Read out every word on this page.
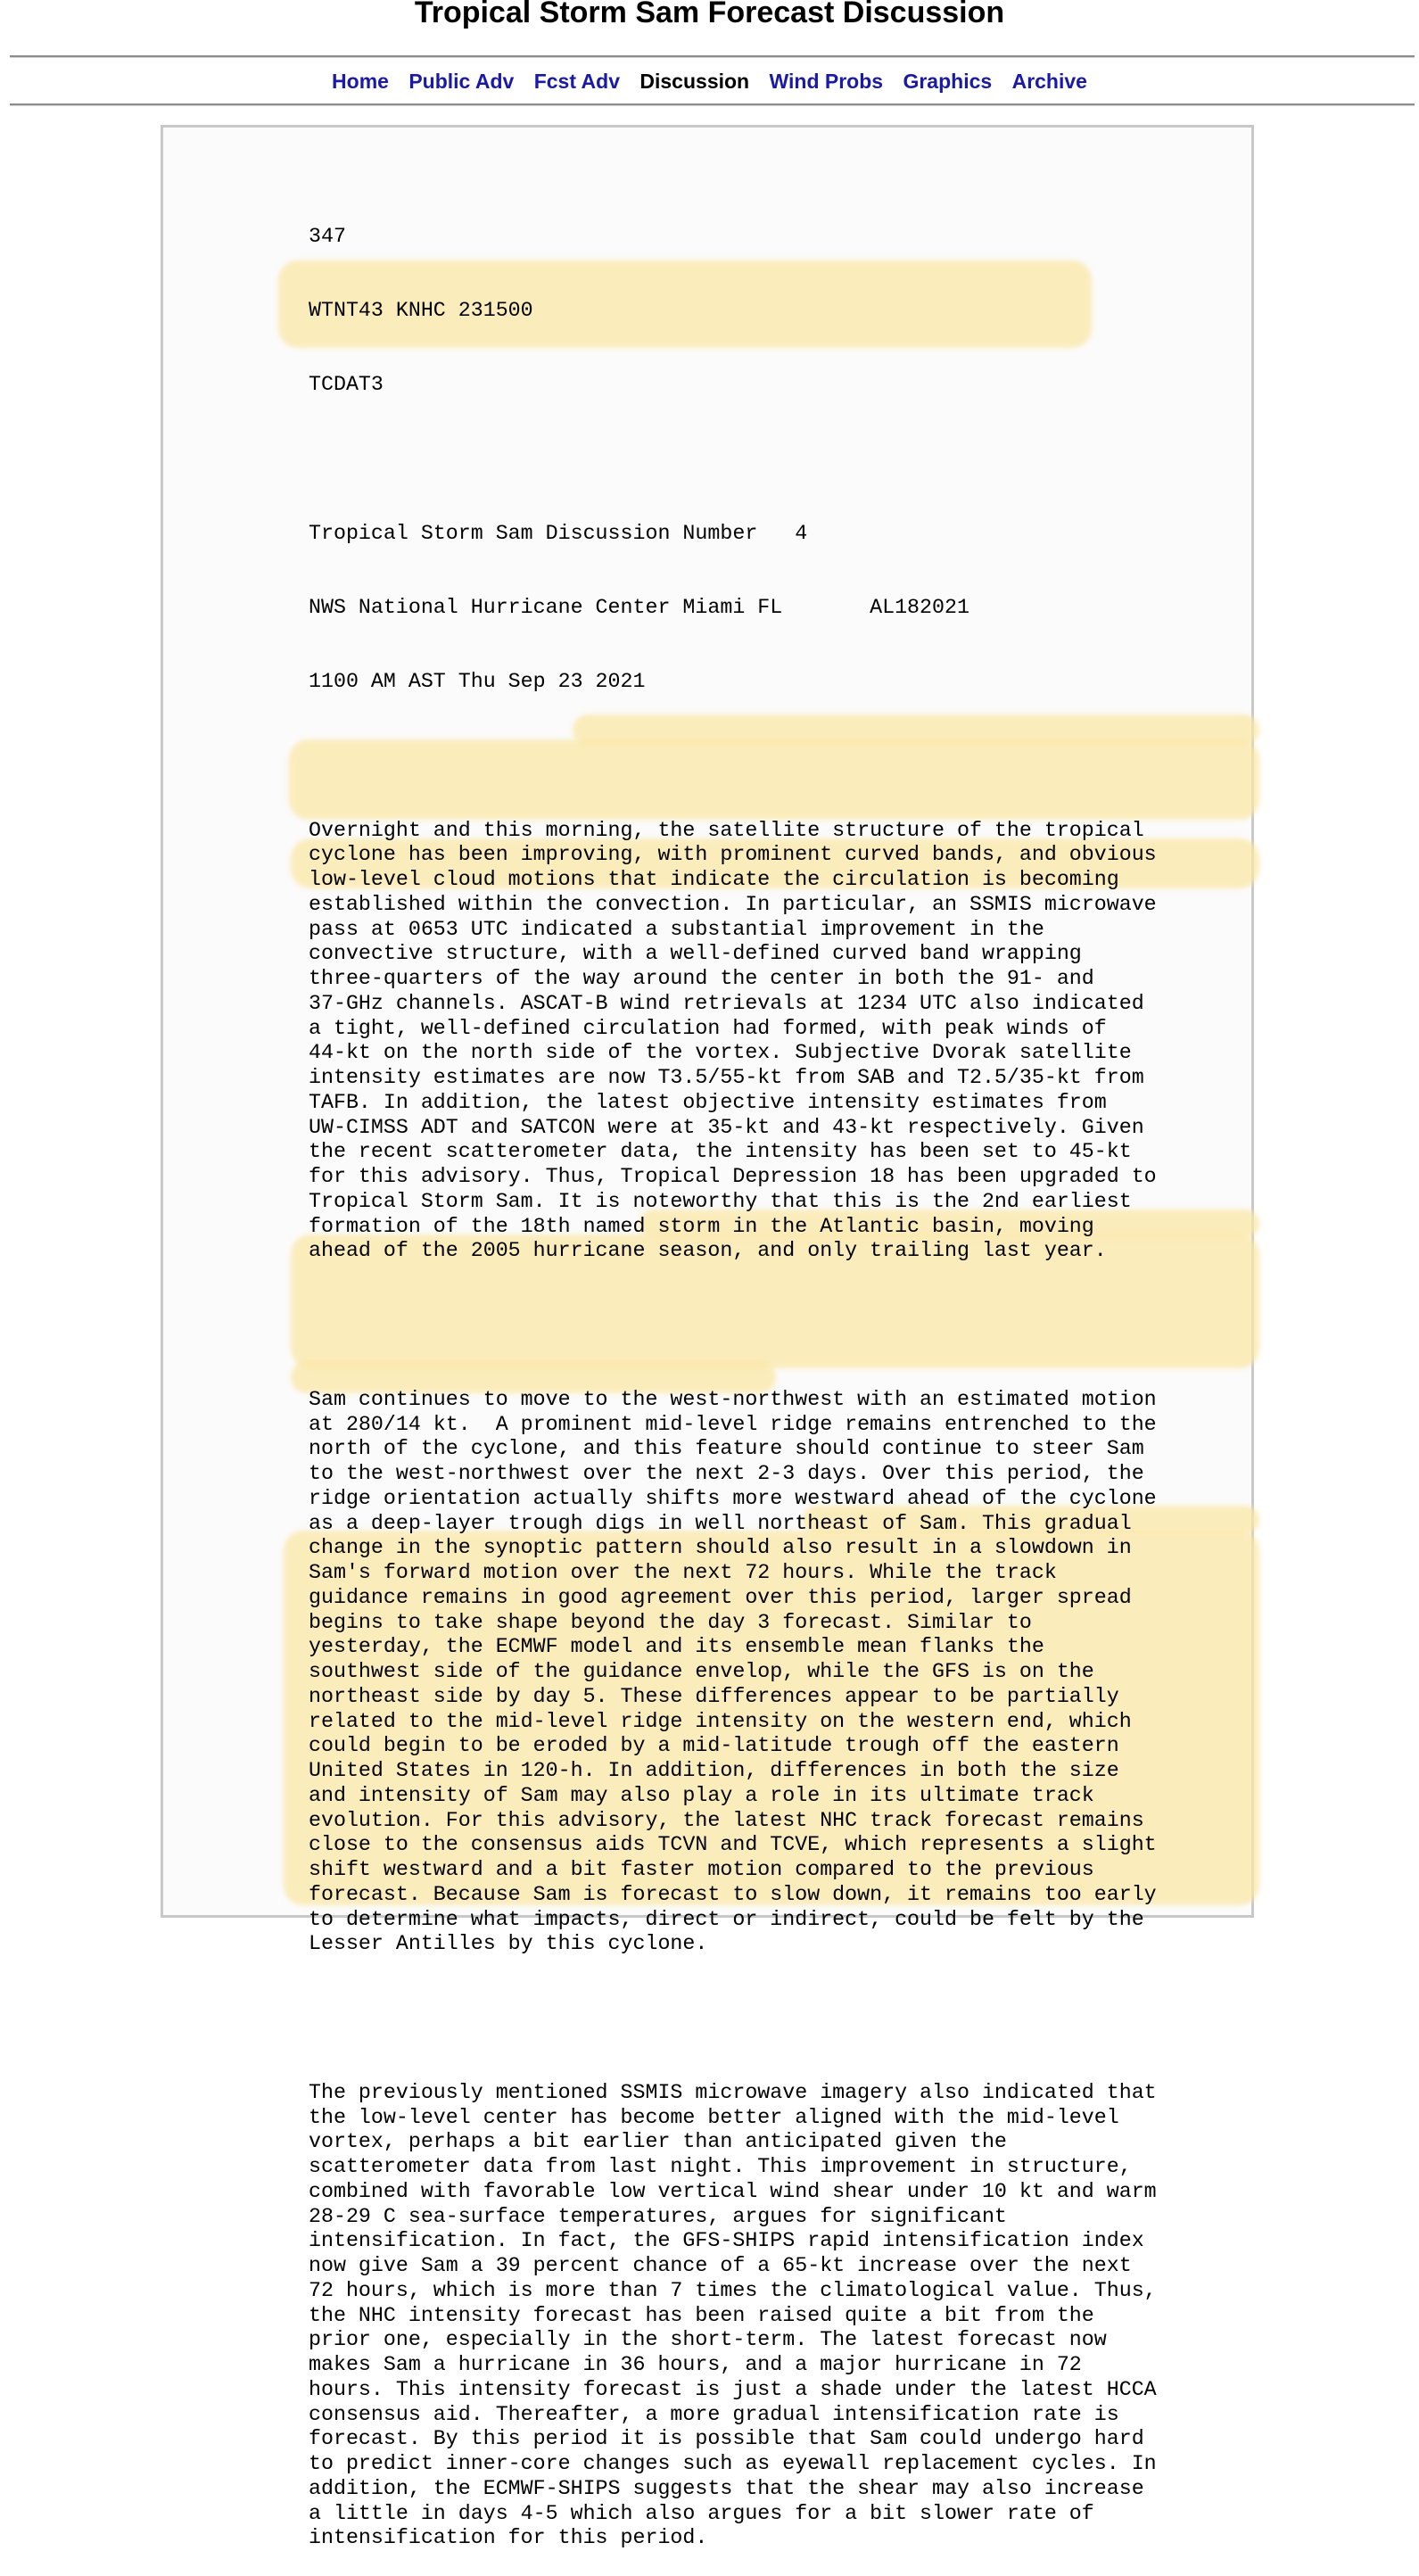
Tropical Storm Sam Forecast Discussion
Home Public Adv Fcst Adv Discussion Wind Probs Graphics Archive

347

WTNT43 KNHC 231500

TCDAT3

Tropical Storm Sam Discussion Number   4

NWS National Hurricane Center Miami FL       AL182021

1100 AM AST Thu Sep 23 2021

Overnight and this morning, the satellite structure of the tropical
cyclone has been improving, with prominent curved bands, and obvious
low-level cloud motions that indicate the circulation is becoming
established within the convection. In particular, an SSMIS microwave
pass at 0653 UTC indicated a substantial improvement in the
convective structure, with a well-defined curved band wrapping
three-quarters of the way around the center in both the 91- and
37-GHz channels. ASCAT-B wind retrievals at 1234 UTC also indicated
a tight, well-defined circulation had formed, with peak winds of
44-kt on the north side of the vortex. Subjective Dvorak satellite
intensity estimates are now T3.5/55-kt from SAB and T2.5/35-kt from
TAFB. In addition, the latest objective intensity estimates from
UW-CIMSS ADT and SATCON were at 35-kt and 43-kt respectively. Given
the recent scatterometer data, the intensity has been set to 45-kt
for this advisory. Thus, Tropical Depression 18 has been upgraded to
Tropical Storm Sam. It is noteworthy that this is the 2nd earliest
formation of the 18th named storm in the Atlantic basin, moving
ahead of the 2005 hurricane season, and only trailing last year.

Sam continues to move to the west-northwest with an estimated motion
at 280/14 kt.  A prominent mid-level ridge remains entrenched to the
north of the cyclone, and this feature should continue to steer Sam
to the west-northwest over the next 2-3 days. Over this period, the
ridge orientation actually shifts more westward ahead of the cyclone
as a deep-layer trough digs in well northeast of Sam. This gradual
change in the synoptic pattern should also result in a slowdown in
Sam's forward motion over the next 72 hours. While the track
guidance remains in good agreement over this period, larger spread
begins to take shape beyond the day 3 forecast. Similar to
yesterday, the ECMWF model and its ensemble mean flanks the
southwest side of the guidance envelop, while the GFS is on the
northeast side by day 5. These differences appear to be partially
related to the mid-level ridge intensity on the western end, which
could begin to be eroded by a mid-latitude trough off the eastern
United States in 120-h. In addition, differences in both the size
and intensity of Sam may also play a role in its ultimate track
evolution. For this advisory, the latest NHC track forecast remains
close to the consensus aids TCVN and TCVE, which represents a slight
shift westward and a bit faster motion compared to the previous
forecast. Because Sam is forecast to slow down, it remains too early
to determine what impacts, direct or indirect, could be felt by the
Lesser Antilles by this cyclone.

The previously mentioned SSMIS microwave imagery also indicated that
the low-level center has become better aligned with the mid-level
vortex, perhaps a bit earlier than anticipated given the
scatterometer data from last night. This improvement in structure,
combined with favorable low vertical wind shear under 10 kt and warm
28-29 C sea-surface temperatures, argues for significant
intensification. In fact, the GFS-SHIPS rapid intensification index
now give Sam a 39 percent chance of a 65-kt increase over the next
72 hours, which is more than 7 times the climatological value. Thus,
the NHC intensity forecast has been raised quite a bit from the
prior one, especially in the short-term. The latest forecast now
makes Sam a hurricane in 36 hours, and a major hurricane in 72
hours. This intensity forecast is just a shade under the latest HCCA
consensus aid. Thereafter, a more gradual intensification rate is
forecast. By this period it is possible that Sam could undergo hard
to predict inner-core changes such as eyewall replacement cycles. In
addition, the ECMWF-SHIPS suggests that the shear may also increase
a little in days 4-5 which also argues for a bit slower rate of
intensification for this period.
